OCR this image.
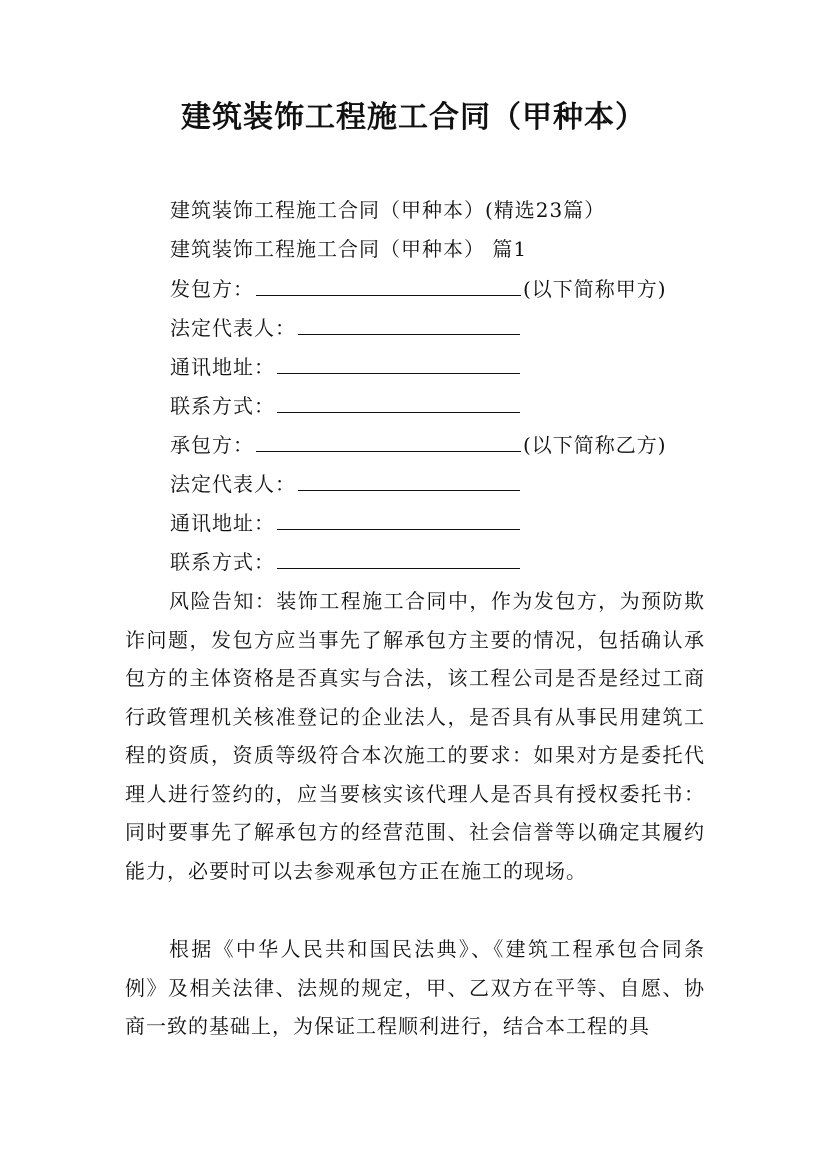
建筑装饰工程施工合同（甲种本）
建筑装饰工程施工合同（甲种本）(精选23篇）
建筑装饰工程施工合同（甲种本） 篇1
发包方：	(以下简称甲方)
法定代表人：
通讯地址：
联系方式：
承包方：	(以下简称乙方)
法定代表人：
通讯地址：
联系方式：
风险告知：装饰工程施工合同中，作为发包方，为预防欺诈问题，发包方应当事先了解承包方主要的情况，包括确认承包方的主体资格是否真实与合法，该工程公司是否是经过工商行政管理机关核准登记的企业法人，是否具有从事民用建筑工程的资质，资质等级符合本次施工的要求：如果对方是委托代理人进行签约的，应当要核实该代理人是否具有授权委托书：同时要事先了解承包方的经营范围、社会信誉等以确定其履约能力，必要时可以去参观承包方正在施工的现场。
根据《中华人民共和国民法典》、《建筑工程承包合同条例》及相关法律、法规的规定，甲、乙双方在平等、自愿、协商一致的基础上，为保证工程顺利进行，结合本工程的具
